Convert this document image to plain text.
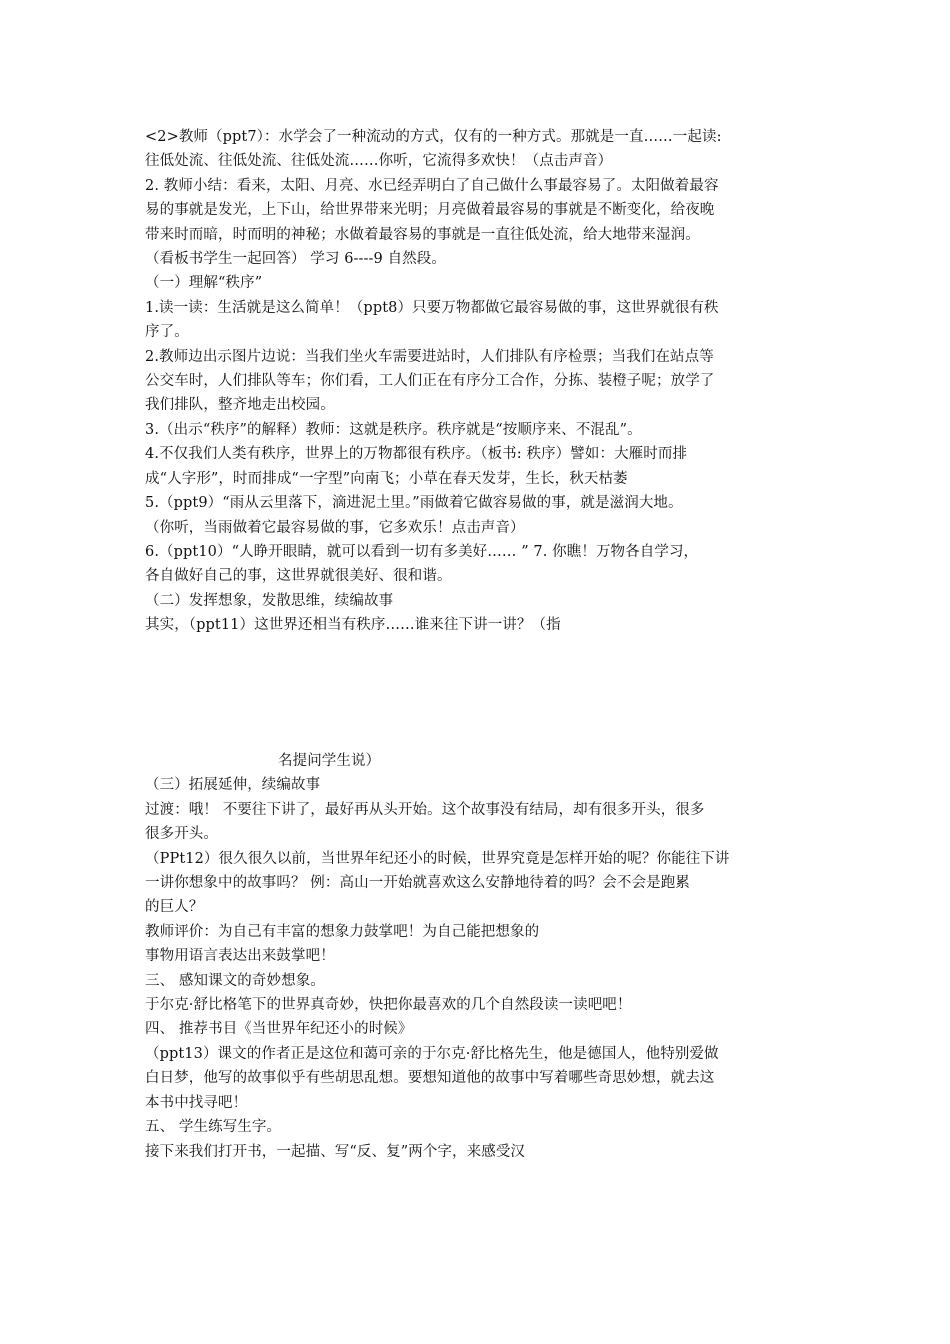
<2>教师（ppt7）：水学会了一种流动的方式，仅有的一种方式。那就是一直……一起读:
往低处流、往低处流、往低处流……你听，它流得多欢快！（点击声音）
2. 教师小结：看来，太阳、月亮、水已经弄明白了自己做什么事最容易了。太阳做着最容
易的事就是发光，上下山，给世界带来光明；月亮做着最容易的事就是不断变化，给夜晚
带来时而暗，时而明的神秘；水做着最容易的事就是一直往低处流，给大地带来湿润。
（看板书学生一起回答） 学习 6----9 自然段。
（一）理解“秩序”
1.读一读：生活就是这么简单！（ppt8）只要万物都做它最容易做的事，这世界就很有秩
序了。
2.教师边出示图片边说：当我们坐火车需要进站时，人们排队有序检票；当我们在站点等
公交车时，人们排队等车；你们看，工人们正在有序分工合作，分拣、装橙子呢；放学了
我们排队，整齐地走出校园。
3.（出示“秩序”的解释）教师：这就是秩序。秩序就是“按顺序来、不混乱”。
4.不仅我们人类有秩序，世界上的万物都很有秩序。（板书: 秩序）譬如：大雁时而排
成“人字形”，时而排成“一字型”向南飞；小草在春天发芽，生长，秋天枯萎
5.（ppt9）“雨从云里落下，滴进泥土里。”雨做着它做容易做的事，就是滋润大地。
（你听，当雨做着它最容易做的事，它多欢乐！点击声音）
6.（ppt10）“人睁开眼睛，就可以看到一切有多美好…… ” 7. 你瞧！万物各自学习，
各自做好自己的事，这世界就很美好、很和谐。
（二）发挥想象，发散思维，续编故事
其实，（ppt11）这世界还相当有秩序……谁来往下讲一讲？（指
名提问学生说）
（三）拓展延伸，续编故事
过渡：哦！ 不要往下讲了，最好再从头开始。这个故事没有结局，却有很多开头，很多
很多开头。
（PPt12）很久很久以前，当世界年纪还小的时候，世界究竟是怎样开始的呢？你能往下讲
一讲你想象中的故事吗？ 例：高山一开始就喜欢这么安静地待着的吗？会不会是跑累
的巨人？
教师评价：为自己有丰富的想象力鼓掌吧！为自己能把想象的
事物用语言表达出来鼓掌吧！
三、 感知课文的奇妙想象。
于尔克·舒比格笔下的世界真奇妙，快把你最喜欢的几个自然段读一读吧吧！
四、 推荐书目《当世界年纪还小的时候》
（ppt13）课文的作者正是这位和蔼可亲的于尔克·舒比格先生，他是德国人，他特别爱做
白日梦，他写的故事似乎有些胡思乱想。要想知道他的故事中写着哪些奇思妙想，就去这
本书中找寻吧！
五、 学生练写生字。
接下来我们打开书，一起描、写“反、复”两个字，来感受汉
